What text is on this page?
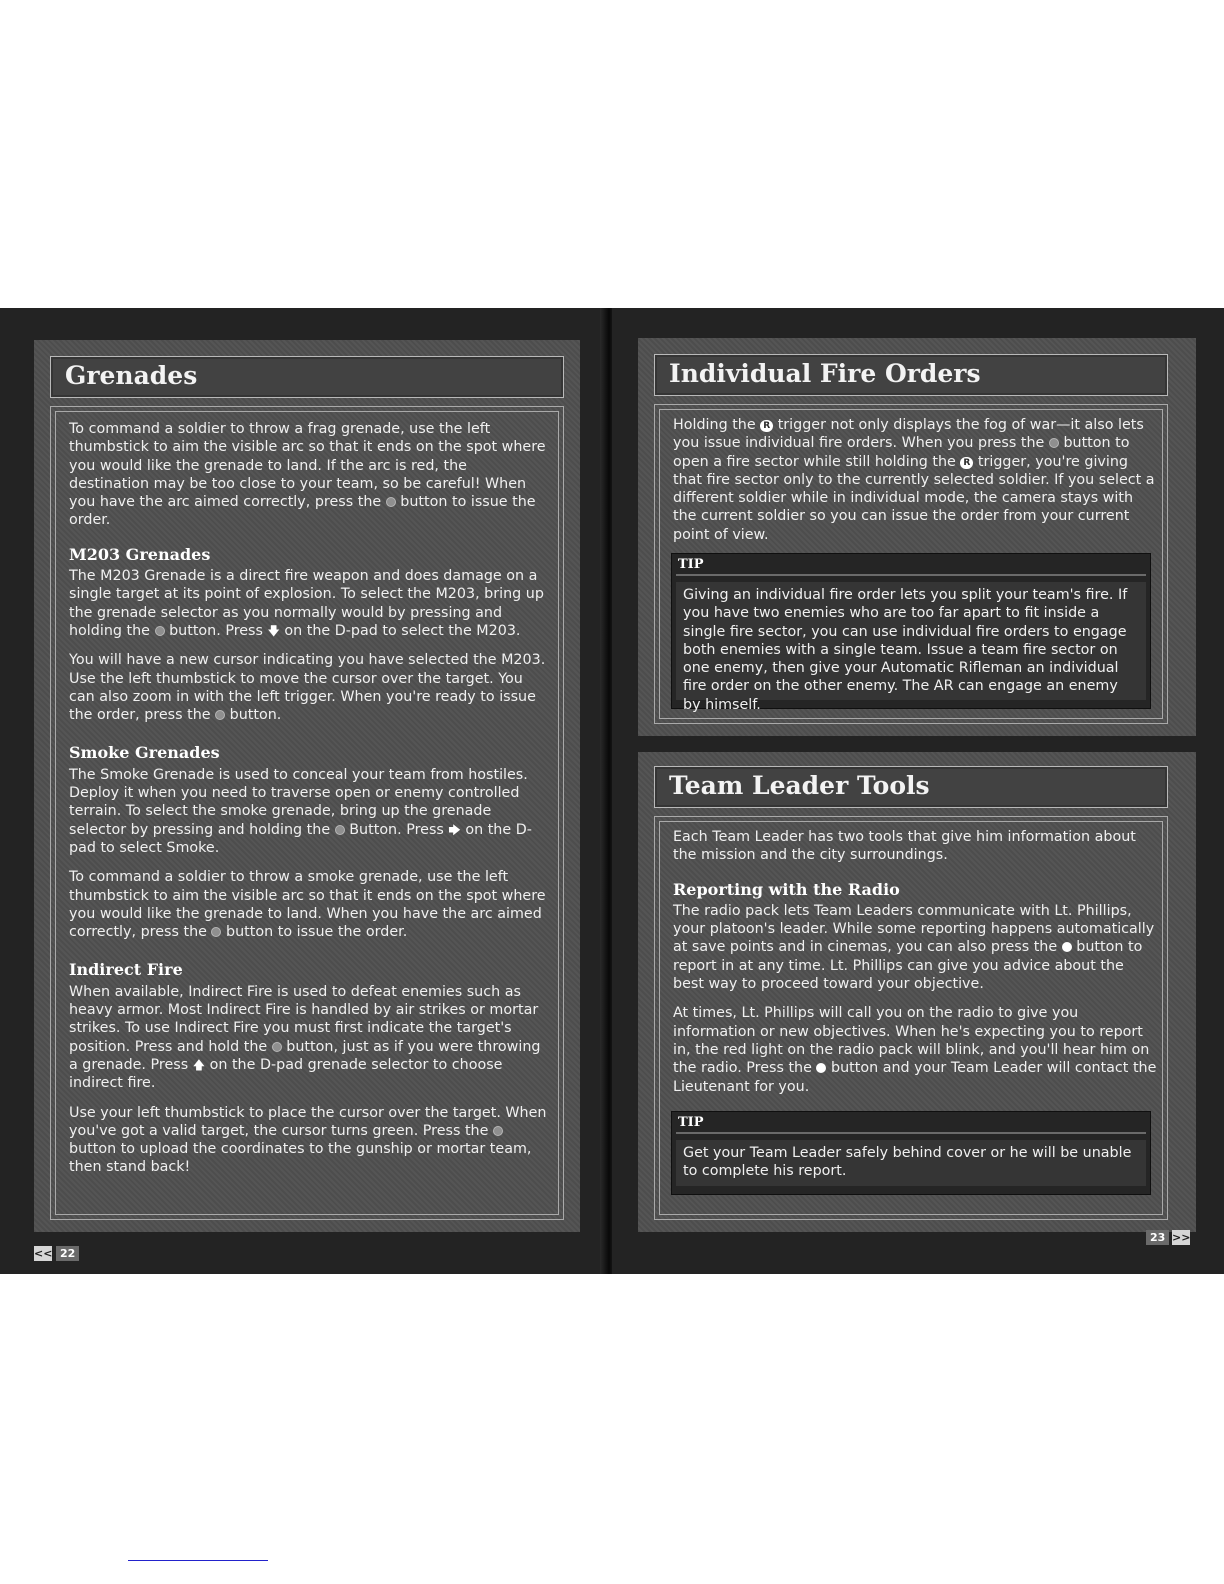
Grenades

To command a soldier to throw a frag grenade, use the left thumbstick to aim the visible arc so that it ends on the spot where you would like the grenade to land. If the arc is red, the destination may be too close to your team, so be careful! When you have the arc aimed correctly, press the button to issue the order.

M203 Grenades

The M203 Grenade is a direct fire weapon and does damage on a single target at its point of explosion. To select the M203, bring up the grenade selector as you normally would by pressing and holding the button. Press 🡇 on the D-pad to select the M203.

You will have a new cursor indicating you have selected the M203. Use the left thumbstick to move the cursor over the target. You can also zoom in with the left trigger. When you're ready to issue the order, press the button.

Smoke Grenades

The Smoke Grenade is used to conceal your team from hostiles. Deploy it when you need to traverse open or enemy controlled terrain. To select the smoke grenade, bring up the grenade selector by pressing and holding the Button. Press 🡆 on the D-pad to select Smoke.

To command a soldier to throw a smoke grenade, use the left thumbstick to aim the visible arc so that it ends on the spot where you would like the grenade to land. When you have the arc aimed correctly, press the button to issue the order.

Indirect Fire

When available, Indirect Fire is used to defeat enemies such as heavy armor. Most Indirect Fire is handled by air strikes or mortar strikes. To use Indirect Fire you must first indicate the target's position. Press and hold the button, just as if you were throwing a grenade. Press 🡅 on the D-pad grenade selector to choose indirect fire.

Use your left thumbstick to place the cursor over the target. When you've got a valid target, the cursor turns green. Press the  button to upload the coordinates to the gunship or mortar team, then stand back!

<< 22
Individual Fire Orders

Holding the R trigger not only displays the fog of war—it also lets you issue individual fire orders. When you press the button to open a fire sector while still holding the R trigger, you're giving that fire sector only to the currently selected soldier. If you select a different soldier while in individual mode, the camera stays with the current soldier so you can issue the order from your current point of view.

TIP
Giving an individual fire order lets you split your team's fire. If you have two enemies who are too far apart to fit inside a single fire sector, you can use individual fire orders to engage both enemies with a single team. Issue a team fire sector on one enemy, then give your Automatic Rifleman an individual fire order on the other enemy. The AR can engage an enemy by himself.
Team Leader Tools

Each Team Leader has two tools that give him information about the mission and the city surroundings.

Reporting with the Radio

The radio pack lets Team Leaders communicate with Lt. Phillips, your platoon's leader. While some reporting happens automatically at save points and in cinemas, you can also press the button to report in at any time. Lt. Phillips can give you advice about the best way to proceed toward your objective.

At times, Lt. Phillips will call you on the radio to give you information or new objectives. When he's expecting you to report in, the red light on the radio pack will blink, and you'll hear him on the radio. Press the button and your Team Leader will contact the Lieutenant for you.

TIP
Get your Team Leader safely behind cover or he will be unable to complete his report.
23 >>
